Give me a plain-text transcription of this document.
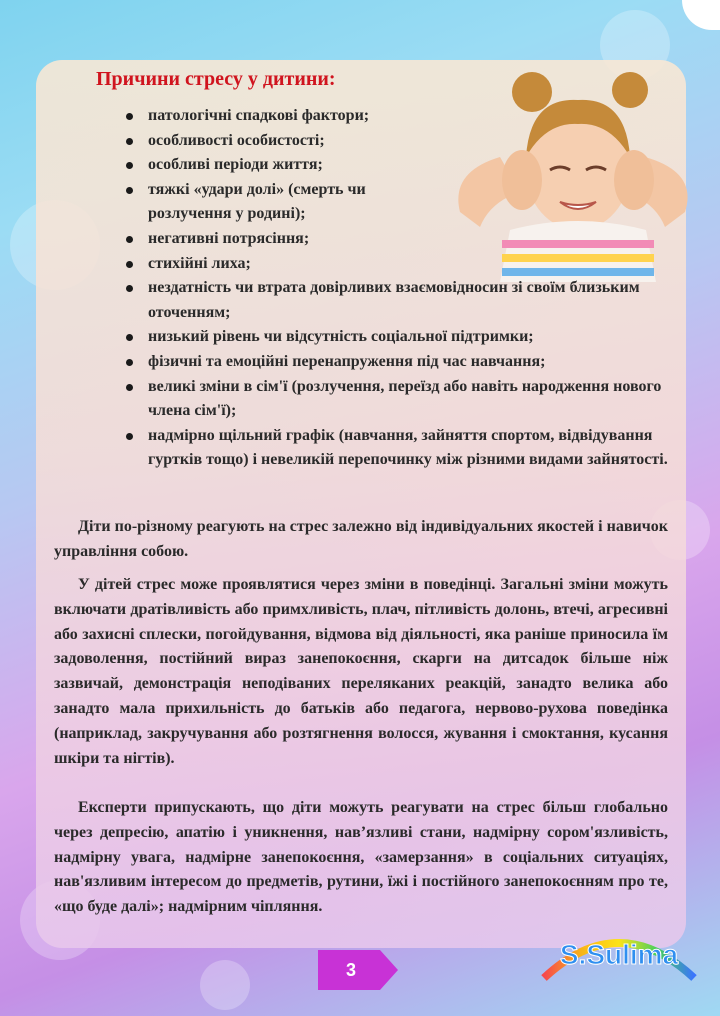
Причини стресу у дитини:
патологічні спадкові фактори;
особливості особистості;
особливі періоди життя;
тяжкі «удари долі» (смерть чи розлучення у родині);
негативні потрясіння;
стихійні лиха;
нездатність чи втрата довірливих взаємовідносин зі своїм близьким оточенням;
низький рівень чи відсутність соціальної підтримки;
фізичні та емоційні перенапруження під час навчання;
великі зміни в сім'ї (розлучення, переїзд або навіть народження нового члена сім'ї);
надмірно щільний графік (навчання, зайняття спортом, відвідування гуртків тощо) і невеликій перепочинку між різними видами зайнятості.

Діти по-різному реагують на стрес залежно від індивідуальних якостей і навичок управління собою.

У дітей стрес може проявлятися через зміни в поведінці. Загальні зміни можуть включати дратівливість або примхливість, плач, пітливість долонь, втечі, агресивні або захисні сплески, погойдування, відмова від діяльності, яка раніше приносила їм задоволення, постійний вираз занепокоєння, скарги на дитсадок більше ніж зазвичай, демонстрація неподіваних переляканих реакцій, занадто велика або занадто мала прихильність до батьків або педагога, нервово-рухова поведінка (наприклад, закручування або розтягнення волосся, жування і смоктання, кусання шкіри та нігтів).

Експерти припускають, що діти можуть реагувати на стрес більш глобально через депресію, апатію і уникнення, нав’язливі стани, надмірну сором'язливість, надмірну увага, надмірне занепокоєння, «замерзання» в соціальних ситуаціях, нав'язливим інтересом до предметів, рутини, їжі і постійного занепокоєнням про те, «що буде далі»; надмірним чіпляння.

3	S.Sulima
